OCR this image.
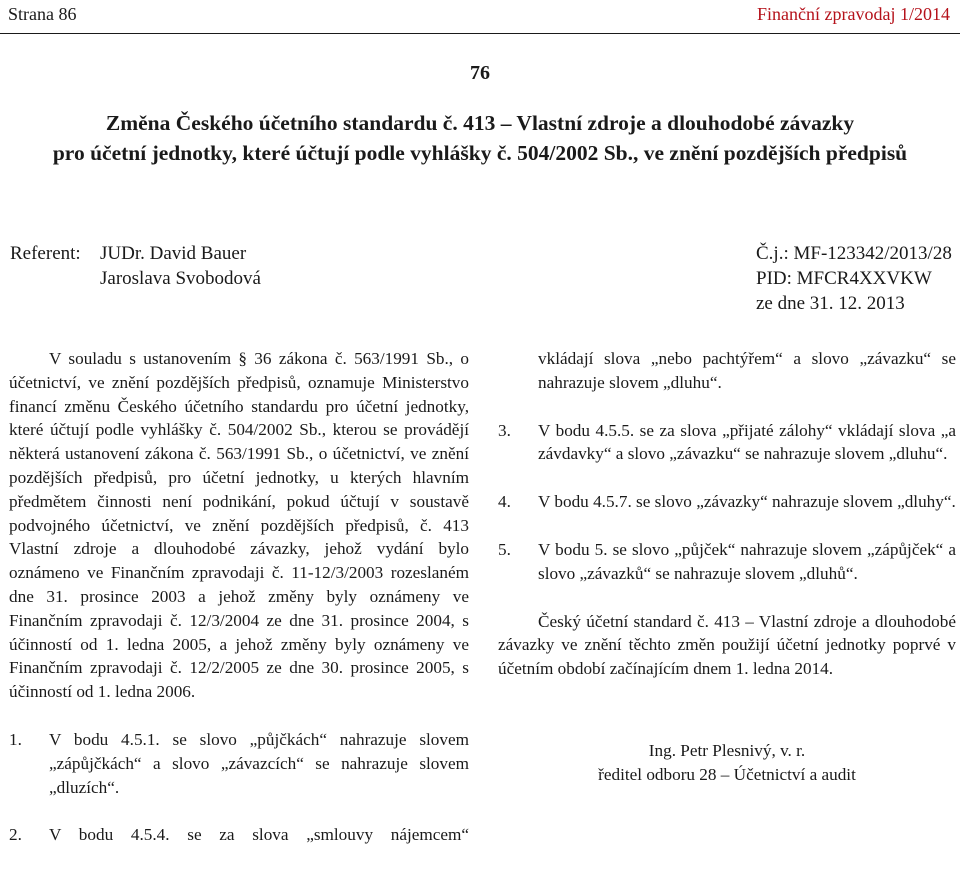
Strana 86	Finanční zpravodaj 1/2014
76
Změna Českého účetního standardu č. 413 – Vlastní zdroje a dlouhodobé závazky
pro účetní jednotky, které účtují podle vyhlášky č. 504/2002 Sb., ve znění pozdějších předpisů
Referent: JUDr. David Bauer
Jaroslava Svobodová
Č.j.: MF-123342/2013/28
PID: MFCR4XXVKW
ze dne 31. 12. 2013

V souladu s ustanovením § 36 zákona č. 563/1991 Sb., o účetnictví, ve znění pozdějších předpisů, oznamuje Ministerstvo financí změnu Českého účetního standardu pro účetní jednotky, které účtují podle vyhlášky č. 504/2002 Sb., kterou se provádějí některá ustanovení zákona č. 563/1991 Sb., o účetnictví, ve znění pozdějších předpisů, pro účetní jednotky, u kterých hlavním předmětem činnosti není podnikání, pokud účtují v soustavě podvojného účetnictví, ve znění pozdějších předpisů, č. 413 Vlastní zdroje a dlouhodobé závazky, jehož vydání bylo oznámeno ve Finančním zpravodaji č. 11-12/3/2003 rozeslaném dne 31. prosince 2003 a jehož změny byly oznámeny ve Finančním zpravodaji č. 12/3/2004 ze dne 31. prosince 2004, s účinností od 1. ledna 2005, a jehož změny byly oznámeny ve Finančním zpravodaji č. 12/2/2005 ze dne 30. prosince 2005, s účinností od 1. ledna 2006.

1.	V bodu 4.5.1. se slovo „půjčkách“ nahrazuje slovem „zápůjčkách“ a slovo „závazcích“ se nahrazuje slovem „dluzích“.
2.	V bodu 4.5.4. se za slova „smlouvy nájemcem“
vkládají slova „nebo pachtýřem“ a slovo „závazku“ se nahrazuje slovem „dluhu“.
3.	V bodu 4.5.5. se za slova „přijaté zálohy“ vkládají slova „a závdavky“ a slovo „závazku“ se nahrazuje slovem „dluhu“.
4.	V bodu 4.5.7. se slovo „závazky“ nahrazuje slovem „dluhy“.
5.	V bodu 5. se slovo „půjček“ nahrazuje slovem „zápůjček“ a slovo „závazků“ se nahrazuje slovem „dluhů“.

Český účetní standard č. 413 – Vlastní zdroje a dlouhodobé závazky ve znění těchto změn použijí účetní jednotky poprvé v účetním období začínajícím dnem 1. ledna 2014.

Ing. Petr Plesnivý, v. r.
ředitel odboru 28 – Účetnictví a audit
